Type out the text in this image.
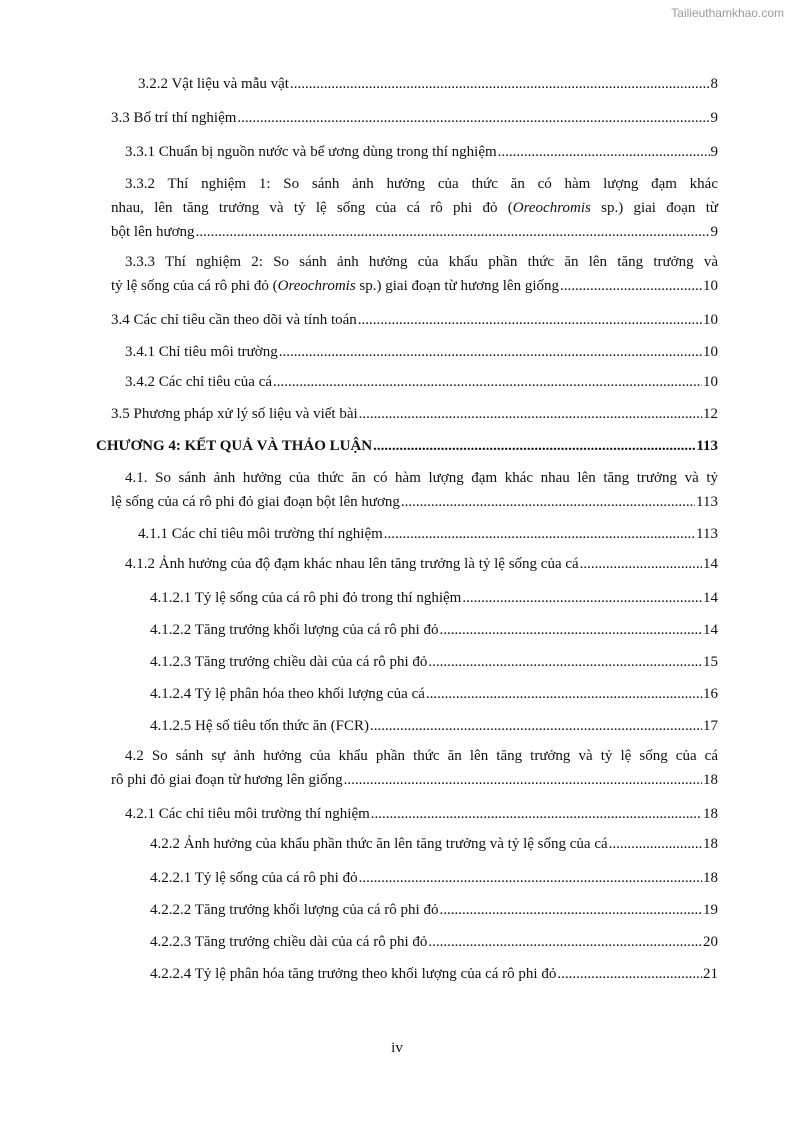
Tailieuthamkhao.com
3.2.2 Vật liệu và mẫu vật .....	8
3.3 Bố trí thí nghiệm .....	9
3.3.1 Chuẩn bị nguồn nước và bể ương dùng trong thí nghiệm .....	9
3.3.2 Thí nghiệm 1: So sánh ảnh hưởng của thức ăn có hàm lượng đạm khác
nhau, lên tăng trưởng và tỷ lệ sống của cá rô phi đỏ (Oreochromis sp.) giai đoạn từ
bột lên hương .....	9
3.3.3 Thí nghiệm 2: So sánh ảnh hưởng của khẩu phần thức ăn lên tăng trưởng và
tỷ lệ sống của cá rô phi đỏ (Oreochromis sp.) giai đoạn từ hương lên giống .....	10
3.4 Các chỉ tiêu cần theo dõi và tính toán .....	10
3.4.1 Chỉ tiêu môi trường .....	10
3.4.2 Các chỉ tiêu của cá .....	10
3.5 Phương pháp xử lý số liệu và viết bài .....	12
CHƯƠNG 4: KẾT QUẢ VÀ THẢO LUẬN .....	113
4.1. So sánh ảnh hưởng của thức ăn có hàm lượng đạm khác nhau lên tăng trưởng và tỷ
lệ sống của cá rô phi đỏ giai đoạn bột lên hương .....	113
4.1.1 Các chỉ tiêu môi trường thí nghiệm .....	113
4.1.2 Ảnh hưởng của độ đạm khác nhau lên tăng trưởng là tỷ lệ sống của cá .....	14
4.1.2.1 Tỷ lệ sống của cá rô phi đỏ trong thí nghiệm .....	14
4.1.2.2 Tăng trưởng khối lượng của cá rô phi đỏ .....	14
4.1.2.3 Tăng trưởng chiều dài của cá rô phi đỏ .....	15
4.1.2.4 Tỷ lệ phân hóa theo khối lượng của cá .....	16
4.1.2.5 Hệ số tiêu tốn thức ăn (FCR) .....	17
4.2 So sánh sự ảnh hưởng của khẩu phần thức ăn lên tăng trưởng và tỷ lệ sống của cá
rô phi đỏ giai đoạn từ hương lên giống .....	18
4.2.1 Các chỉ tiêu môi trường thí nghiệm .....	18
4.2.2 Ảnh hưởng của khẩu phần thức ăn lên tăng trưởng và tỷ lệ sống của cá .....	18
4.2.2.1 Tỷ lệ sống của cá rô phi đỏ .....	18
4.2.2.2 Tăng trưởng khối lượng của cá rô phi đỏ .....	19
4.2.2.3 Tăng trưởng chiều dài của cá rô phi đỏ .....	20
4.2.2.4 Tỷ lệ phân hóa tăng trưởng theo khối lượng của cá rô phi đỏ .....	21
iv
